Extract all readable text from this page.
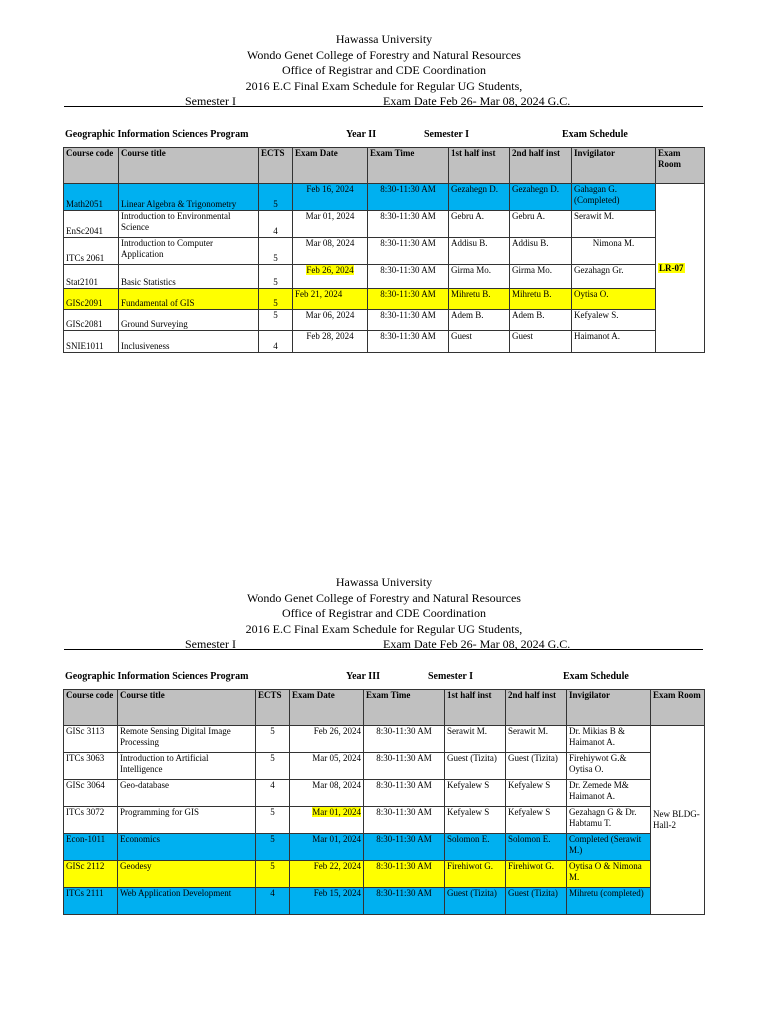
Hawassa University
Wondo Genet College of Forestry and Natural Resources
Office of Registrar and CDE Coordination
2016 E.C Final Exam Schedule for Regular UG Students,
Semester I	Exam Date Feb 26- Mar 08, 2024 G.C.
Geographic Information Sciences Program	Year II	Semester I	Exam Schedule
Course code	Course title	ECTS	Exam Date	Exam Time	1st half inst	2nd half inst	Invigilator	Exam Room
Math2051	Linear Algebra & Trigonometry	5	Feb 16, 2024	8:30-11:30 AM	Gezahegn D.	Gezahegn D.	Gahagan G. (Completed)	LR-07
EnSc2041	Introduction to Environmental Science	4	Mar 01, 2024	8:30-11:30 AM	Gebru A.	Gebru A.	Serawit M.	
ITCs 2061	Introduction to Computer Application	5	Mar 08, 2024	8:30-11:30 AM	Addisu B.	Addisu B.	Nimona M.	
Stat2101	Basic Statistics	5	Feb 26, 2024	8:30-11:30 AM	Girma Mo.	Girma Mo.	Gezahagn Gr.	
GISc2091	Fundamental of GIS	5	Feb 21, 2024	8:30-11:30 AM	Mihretu B.	Mihretu B.	Oytisa O.	
GISc2081	Ground Surveying	5	Mar 06, 2024	8:30-11:30 AM	Adem B.	Adem B.	Kefyalew S.	
SNIE1011	Inclusiveness	4	Feb 28, 2024	8:30-11:30 AM	Guest	Guest	Haimanot A.	
Hawassa University
Wondo Genet College of Forestry and Natural Resources
Office of Registrar and CDE Coordination
2016 E.C Final Exam Schedule for Regular UG Students,
Semester I	Exam Date Feb 26- Mar 08, 2024 G.C.
Geographic Information Sciences Program	Year III	Semester I	Exam Schedule
Course code	Course title	ECTS	Exam Date	Exam Time	1st half inst	2nd half inst	Invigilator	Exam Room
GISc 3113	Remote Sensing Digital Image Processing	5	Feb 26, 2024	8:30-11:30 AM	Serawit M.	Serawit M.	Dr. Mikias B & Haimanot A.	New BLDG-Hall-2
ITCs 3063	Introduction to Artificial Intelligence	5	Mar 05, 2024	8:30-11:30 AM	Guest (Tizita)	Guest (Tizita)	Firehiywot G.& Oytisa O.	
GISc 3064	Geo-database	4	Mar 08, 2024	8:30-11:30 AM	Kefyalew S	Kefyalew S	Dr. Zemede M& Haimanot A.	
ITCs 3072	Programming for GIS	5	Mar 01, 2024	8:30-11:30 AM	Kefyalew S	Kefyalew S	Gezahagn G & Dr. Habtamu T.	
Econ-1011	Economics	5	Mar 01, 2024	8:30-11:30 AM	Solomon E.	Solomon E.	Completed (Serawit M.)	
GISc 2112	Geodesy	5	Feb 22, 2024	8:30-11:30 AM	Firehiwot G.	Firehiwot G.	Oytisa O & Nimona M.	
ITCs 2111	Web Application Development	4	Feb 15, 2024	8:30-11:30 AM	Guest (Tizita)	Guest (Tizita)	Mihretu (completed)	
